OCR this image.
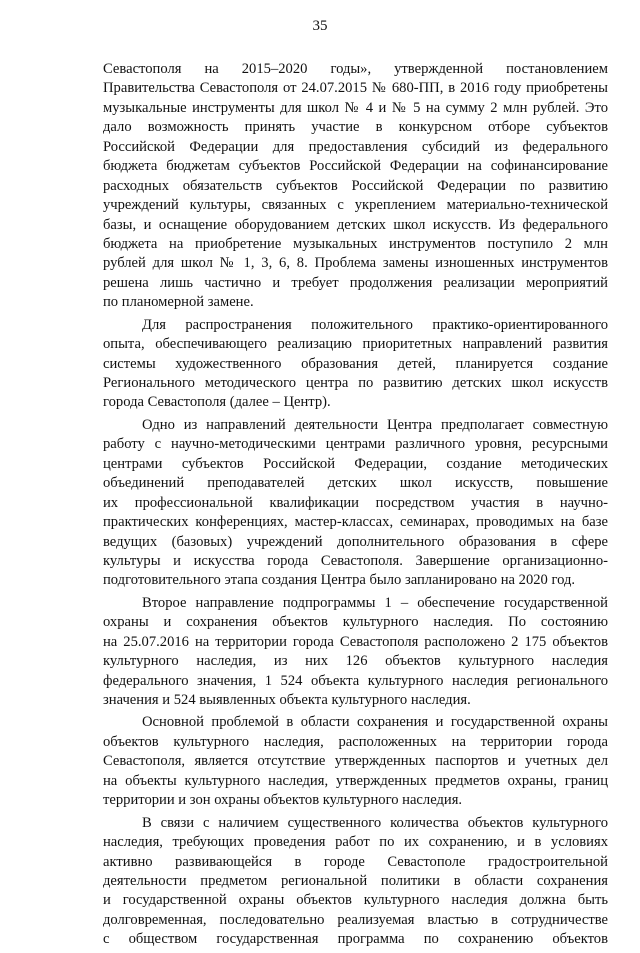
35
Севастополя на 2015–2020 годы», утвержденной постановлением
Правительства Севастополя от 24.07.2015 № 680-ПП, в 2016 году приобретены
музыкальные инструменты для школ № 4 и № 5 на сумму 2 млн рублей. Это
дало возможность принять участие в конкурсном отборе субъектов
Российской Федерации для предоставления субсидий из федерального
бюджета бюджетам субъектов Российской Федерации на софинансирование
расходных обязательств субъектов Российской Федерации по развитию
учреждений культуры, связанных с укреплением материально-технической
базы, и оснащение оборудованием детских школ искусств. Из федерального
бюджета на приобретение музыкальных инструментов поступило 2 млн
рублей для школ № 1, 3, 6, 8. Проблема замены изношенных инструментов
решена лишь частично и требует продолжения реализации мероприятий
по планомерной замене.
Для распространения положительного практико-ориентированного
опыта, обеспечивающего реализацию приоритетных направлений развития
системы художественного образования детей, планируется создание
Регионального методического центра по развитию детских школ искусств
города Севастополя (далее – Центр).
Одно из направлений деятельности Центра предполагает совместную
работу с научно-методическими центрами различного уровня, ресурсными
центрами субъектов Российской Федерации, создание методических
объединений преподавателей детских школ искусств, повышение
их профессиональной квалификации посредством участия в научно-
практических конференциях, мастер-классах, семинарах, проводимых на базе
ведущих (базовых) учреждений дополнительного образования в сфере
культуры и искусства города Севастополя. Завершение организационно-
подготовительного этапа создания Центра было запланировано на 2020 год.
Второе направление подпрограммы 1 – обеспечение государственной
охраны и сохранения объектов культурного наследия. По состоянию
на 25.07.2016 на территории города Севастополя расположено 2 175 объектов
культурного наследия, из них 126 объектов культурного наследия
федерального значения, 1 524 объекта культурного наследия регионального
значения и 524 выявленных объекта культурного наследия.
Основной проблемой в области сохранения и государственной охраны
объектов культурного наследия, расположенных на территории города
Севастополя, является отсутствие утвержденных паспортов и учетных дел
на объекты культурного наследия, утвержденных предметов охраны, границ
территории и зон охраны объектов культурного наследия.
В связи с наличием существенного количества объектов культурного
наследия, требующих проведения работ по их сохранению, и в условиях
активно развивающейся в городе Севастополе градостроительной
деятельности предметом региональной политики в области сохранения
и государственной охраны объектов культурного наследия должна быть
долговременная, последовательно реализуемая властью в сотрудничестве
с обществом государственная программа по сохранению объектов
